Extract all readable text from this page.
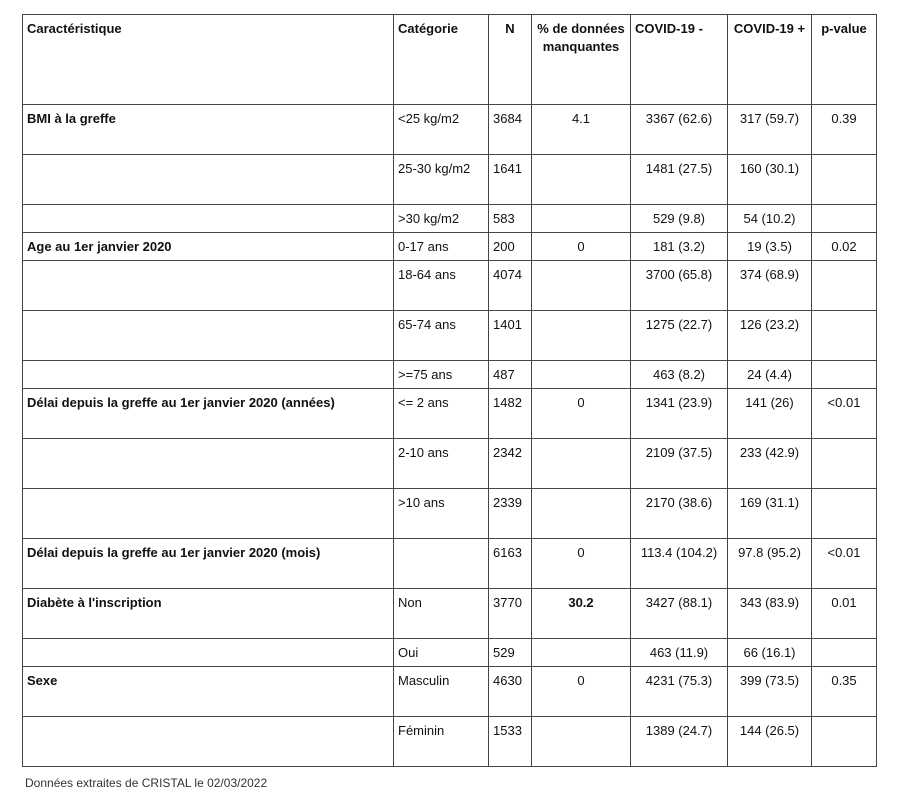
Caractéristique	Catégorie	N	% de données manquantes	COVID-19 -	COVID-19 +	p-value
BMI à la greffe	<25 kg/m2	3684	4.1	3367 (62.6)	317 (59.7)	0.39
	25-30 kg/m2	1641		1481 (27.5)	160 (30.1)	
	>30 kg/m2	583		529 (9.8)	54 (10.2)	
Age au 1er janvier 2020	0-17 ans	200	0	181 (3.2)	19 (3.5)	0.02
	18-64 ans	4074		3700 (65.8)	374 (68.9)	
	65-74 ans	1401		1275 (22.7)	126 (23.2)	
	>=75 ans	487		463 (8.2)	24 (4.4)	
Délai depuis la greffe au 1er janvier 2020 (années)	<= 2 ans	1482	0	1341 (23.9)	141 (26)	<0.01
	2-10 ans	2342		2109 (37.5)	233 (42.9)	
	>10 ans	2339		2170 (38.6)	169 (31.1)	
Délai depuis la greffe au 1er janvier 2020 (mois)		6163	0	113.4 (104.2)	97.8 (95.2)	<0.01
Diabète à l'inscription	Non	3770	30.2	3427 (88.1)	343 (83.9)	0.01
	Oui	529		463 (11.9)	66 (16.1)	
Sexe	Masculin	4630	0	4231 (75.3)	399 (73.5)	0.35
	Féminin	1533		1389 (24.7)	144 (26.5)	
Données extraites de CRISTAL le 02/03/2022
